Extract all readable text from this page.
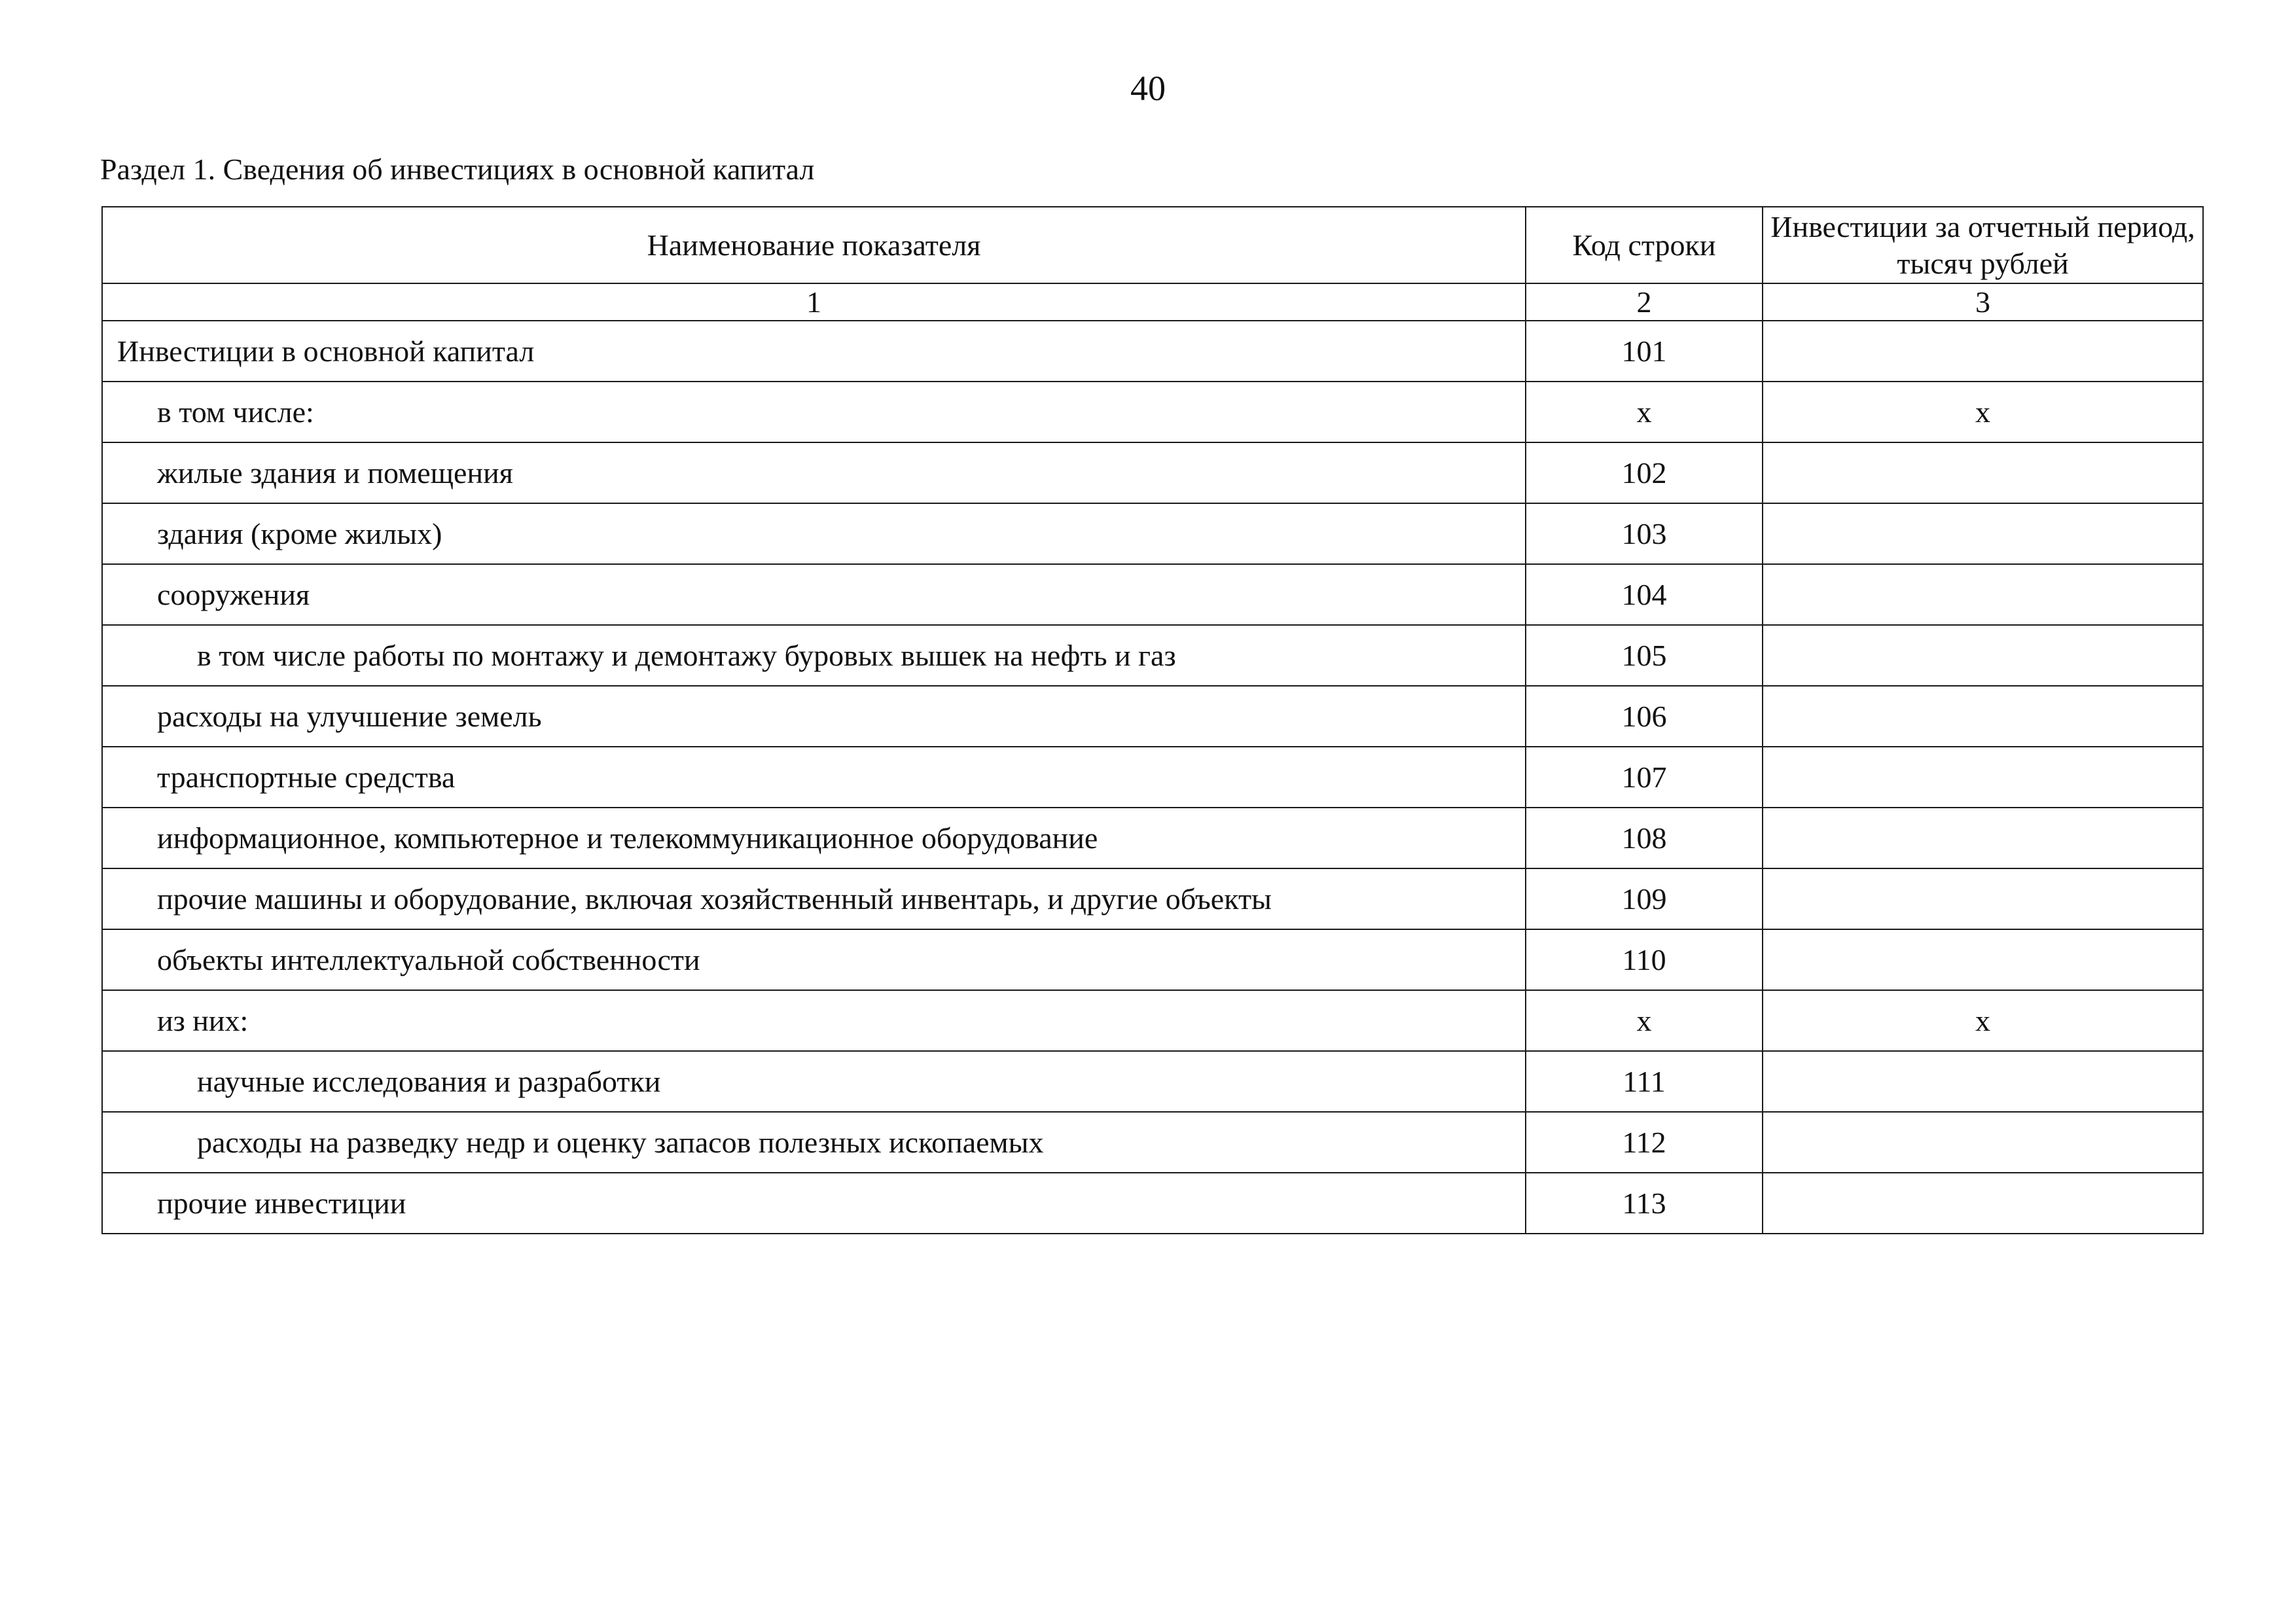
40
Раздел 1. Сведения об инвестициях в основной капитал
Наименование показателя	Код строки	Инвестиции за отчетный период, тысяч рублей
1	2	3
Инвестиции в основной капитал	101	
в том числе:	х	х
жилые здания и помещения	102	
здания (кроме жилых)	103	
сооружения	104	
в том числе работы по монтажу и демонтажу буровых вышек на нефть и газ	105	
расходы на улучшение земель	106	
транспортные средства	107	
информационное, компьютерное и телекоммуникационное оборудование	108	
прочие машины и оборудование, включая хозяйственный инвентарь, и другие объекты	109	
объекты интеллектуальной собственности	110	
из них:	х	х
научные исследования и разработки	111	
расходы на разведку недр и оценку запасов полезных ископаемых	112	
прочие инвестиции	113	
